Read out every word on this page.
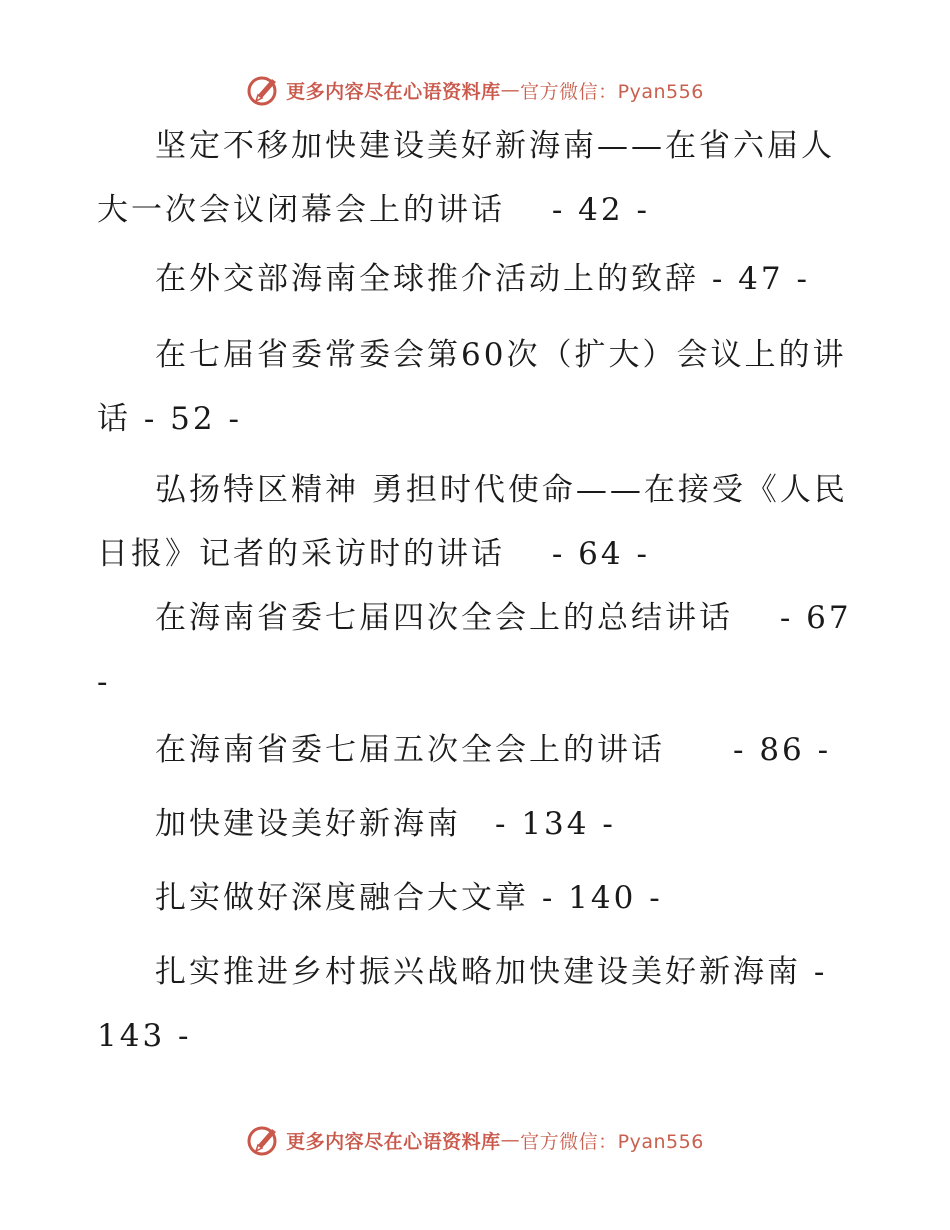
更多内容尽在心语资料库 — 官方微信：Pyan556
坚定不移加快建设美好新海南——在省六届人大一次会议闭幕会上的讲话　 - 42 -
在外交部海南全球推介活动上的致辞 - 47 -
在七届省委常委会第60次（扩大）会议上的讲话 - 52 -
弘扬特区精神 勇担时代使命——在接受《人民日报》记者的采访时的讲话　 - 64 -
在海南省委七届四次全会上的总结讲话　 - 67 -
在海南省委七届五次全会上的讲话　　- 86 -
加快建设美好新海南　- 134 -
扎实做好深度融合大文章 - 140 -
扎实推进乡村振兴战略加快建设美好新海南 - 143 -
更多内容尽在心语资料库 — 官方微信：Pyan556
